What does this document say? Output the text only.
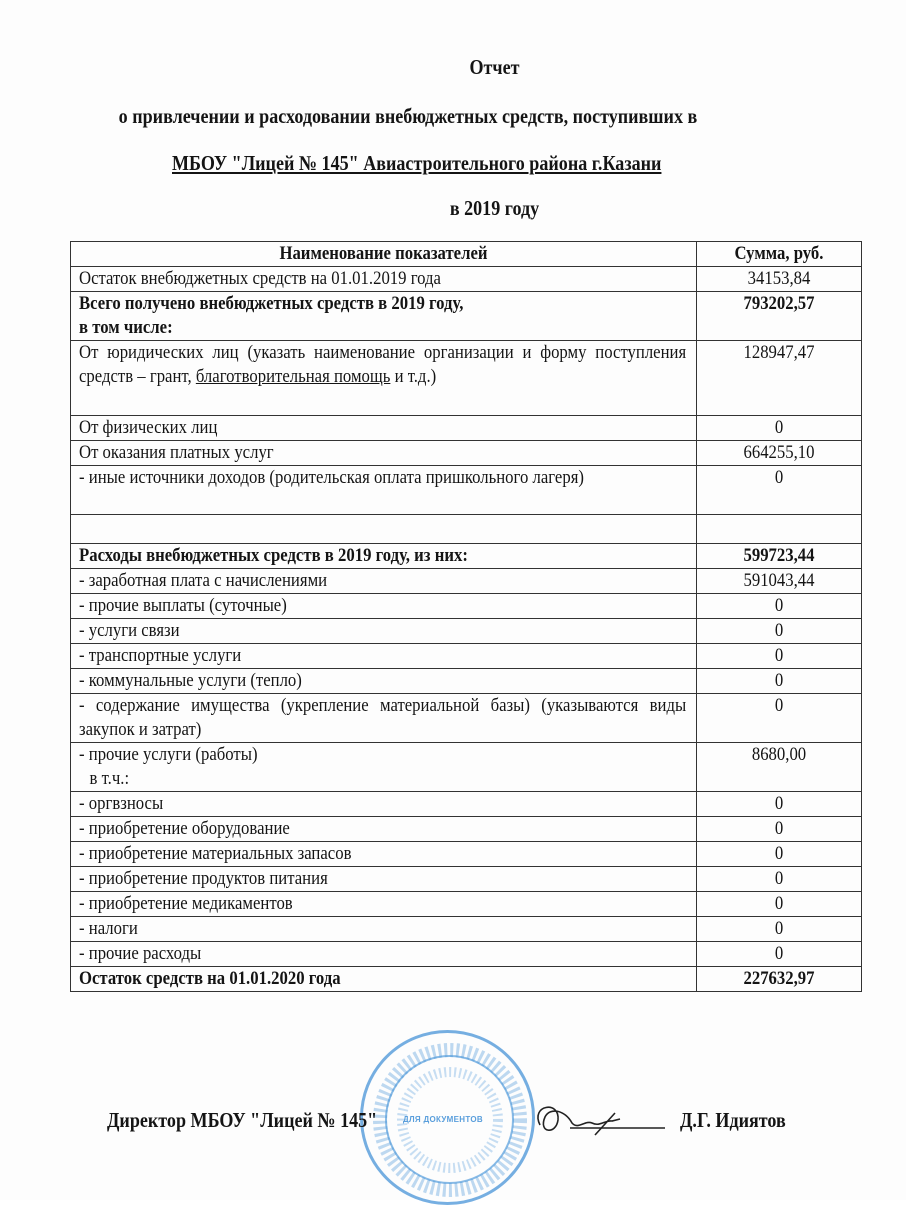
Отчет
о привлечении и расходовании внебюджетных средств, поступивших в
МБОУ "Лицей № 145" Авиастроительного района г.Казани
в 2019 году
Наименование показателей	Сумма, руб.

Остаток внебюджетных средств на 01.01.2019 года	34153,84

Всего получено внебюджетных средств в 2019 году,
в том числе:	793202,57

От юридических лиц (указать наименование организации и форму поступления средств – грант, благотворительная помощь и т.д.)	128947,47

От физических лиц	0

От оказания платных услуг	664255,10

- иные источники доходов (родительская оплата пришкольного лагеря)	0

Расходы внебюджетных средств в 2019 году, из них:	599723,44

- заработная плата с начислениями	591043,44

- прочие выплаты (суточные)	0

- услуги связи	0

- транспортные услуги	0

- коммунальные услуги (тепло)	0

- содержание имущества (укрепление материальной базы) (указываются виды закупок и затрат)	0

- прочие услуги (работы)
в т.ч.:	8680,00

- оргвзносы	0

- приобретение оборудование	0

- приобретение материальных запасов	0

- приобретение продуктов питания	0

- приобретение медикаментов	0

- налоги	0

- прочие расходы	0

Остаток средств на 01.01.2020 года	227632,97
ДЛЯ ДОКУМЕНТОВ
Директор МБОУ "Лицей № 145"	Д.Г. Идиятов
